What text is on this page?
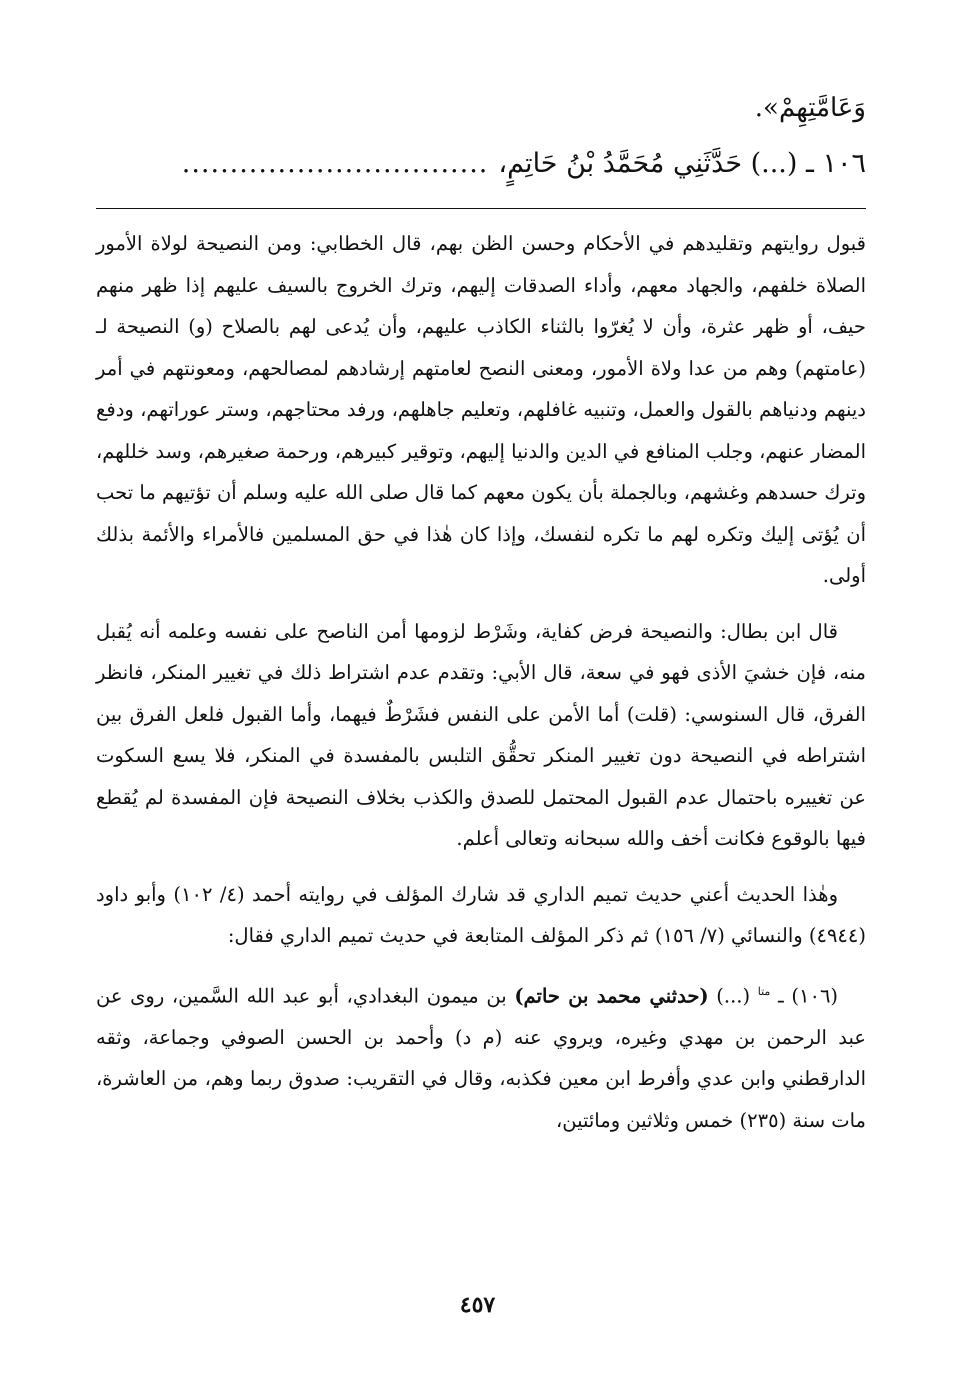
وَعَامَّتِهِمْ».

١٠٦ ـ (...) حَدَّثَنِي مُحَمَّدُ بْنُ حَاتِمٍ،
................................

قبول روايتهم وتقليدهم في الأحكام وحسن الظن بهم، قال الخطابي: ومن النصيحة لولاة الأمور الصلاة خلفهم، والجهاد معهم، وأداء الصدقات إليهم، وترك الخروج بالسيف عليهم إذا ظهر منهم حيف، أو ظهر عثرة، وأن لا يُغرّوا بالثناء الكاذب عليهم، وأن يُدعى لهم بالصلاح (و) النصيحة لـ (عامتهم) وهم من عدا ولاة الأمور، ومعنى النصح لعامتهم إرشادهم لمصالحهم، ومعونتهم في أمر دينهم ودنياهم بالقول والعمل، وتنبيه غافلهم، وتعليم جاهلهم، ورفد محتاجهم، وستر عوراتهم، ودفع المضار عنهم، وجلب المنافع في الدين والدنيا إليهم، وتوقير كبيرهم، ورحمة صغيرهم، وسد خللهم، وترك حسدهم وغشهم، وبالجملة بأن يكون معهم كما قال صلى الله عليه وسلم أن تؤتيهم ما تحب أن يُؤتى إليك وتكره لهم ما تكره لنفسك، وإذا كان هٰذا في حق المسلمين فالأمراء والأئمة بذلك أولى.

قال ابن بطال: والنصيحة فرض كفاية، وشَرْط لزومها أمن الناصح على نفسه وعلمه أنه يُقبل منه، فإن خشيَ الأذى فهو في سعة، قال الأبي: وتقدم عدم اشتراط ذلك في تغيير المنكر، فانظر الفرق، قال السنوسي: (قلت) أما الأمن على النفس فشَرْطٌ فيهما، وأما القبول فلعل الفرق بين اشتراطه في النصيحة دون تغيير المنكر تحقُّق التلبس بالمفسدة في المنكر، فلا يسع السكوت عن تغييره باحتمال عدم القبول المحتمل للصدق والكذب بخلاف النصيحة فإن المفسدة لم يُقطع فيها بالوقوع فكانت أخف والله سبحانه وتعالى أعلم.

وهٰذا الحديث أعني حديث تميم الداري قد شارك المؤلف في روايته أحمد (٤/ ١٠٢) وأبو داود (٤٩٤٤) والنسائي (٧/ ١٥٦) ثم ذكر المؤلف المتابعة في حديث تميم الداري فقال:

(١٠٦) ـ $^{متا}$ (...) (حدثني محمد بن حاتم) بن ميمون البغدادي، أبو عبد الله السَّمين، روى عن عبد الرحمن بن مهدي وغيره، ويروي عنه (م د) وأحمد بن الحسن الصوفي وجماعة، وثقه الدارقطني وابن عدي وأفرط ابن معين فكذبه، وقال في التقريب: صدوق ربما وهم، من العاشرة، مات سنة (٢٣٥) خمس وثلاثين ومائتين،

٤٥٧
